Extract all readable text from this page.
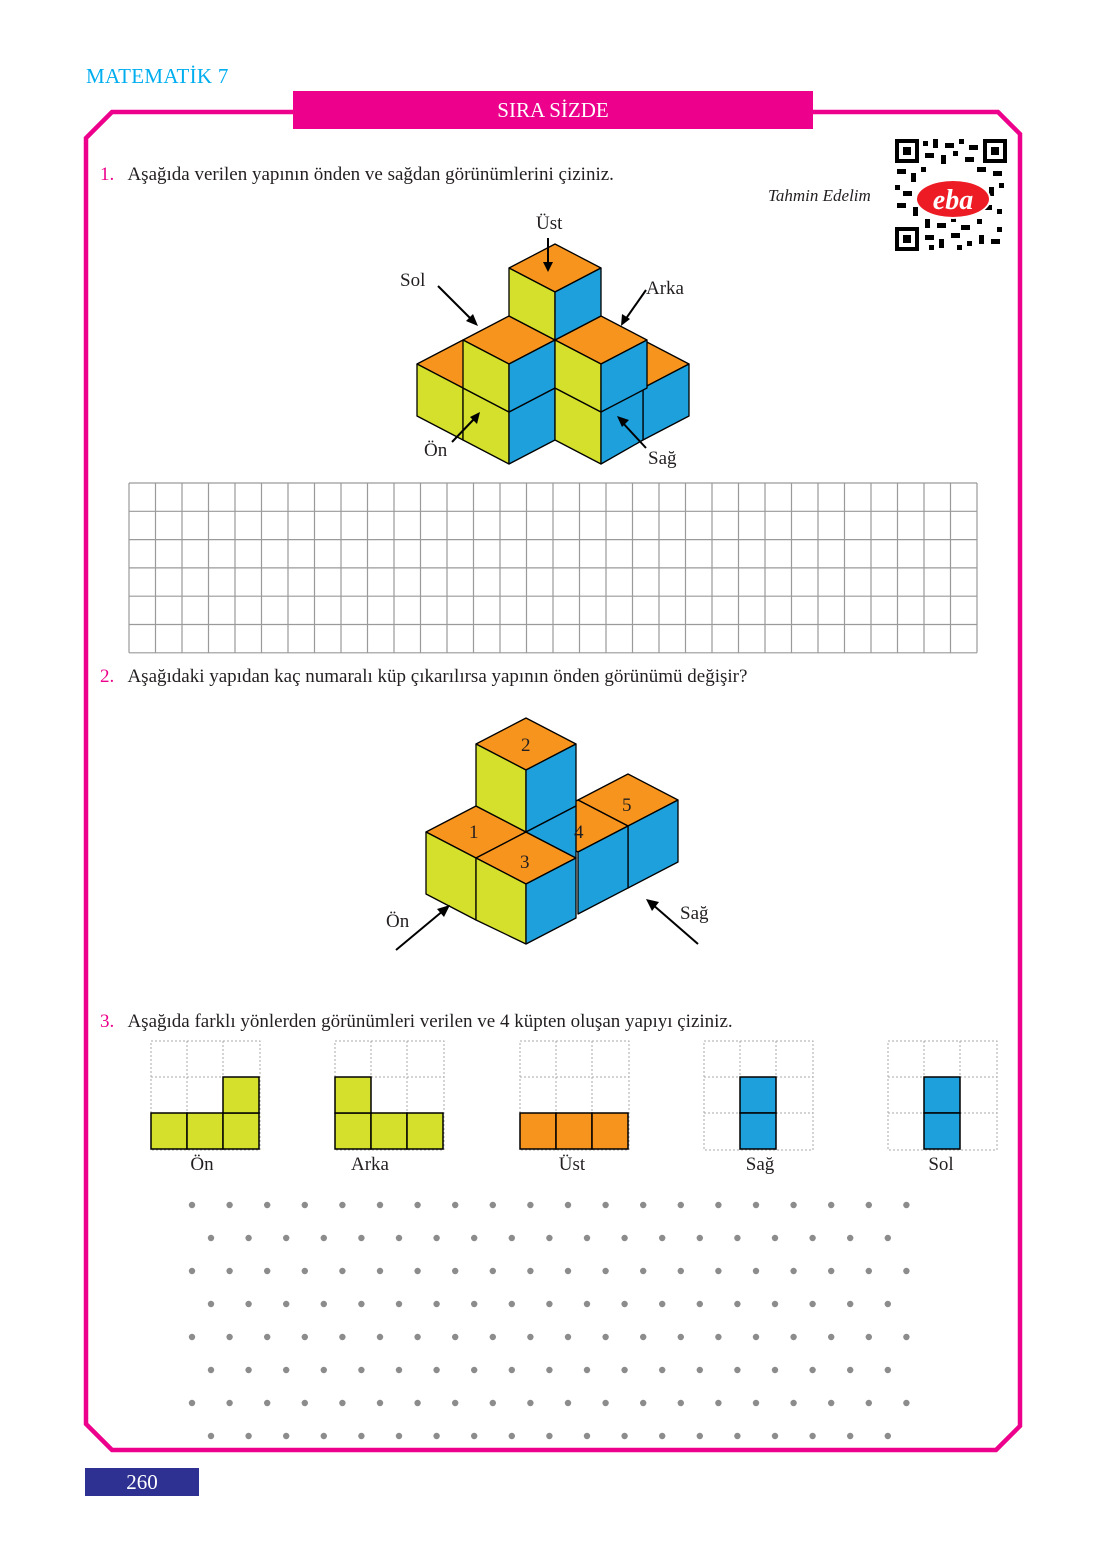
MATEMATİK 7
SIRA SİZDE
Tahmin Edelim eba
1. Aşağıda verilen yapının önden ve sağdan görünümlerini çiziniz.
Üst
Sol	Arka
Ön	Sağ
2. Aşağıdaki yapıdan kaç numaralı küp çıkarılırsa yapının önden görünümü değişir?
2
1
3
4
5
Ön	Sağ
3. Aşağıda farklı yönlerden görünümleri verilen ve 4 küpten oluşan yapıyı çiziniz.
Ön	Arka	Üst	Sağ	Sol
260
